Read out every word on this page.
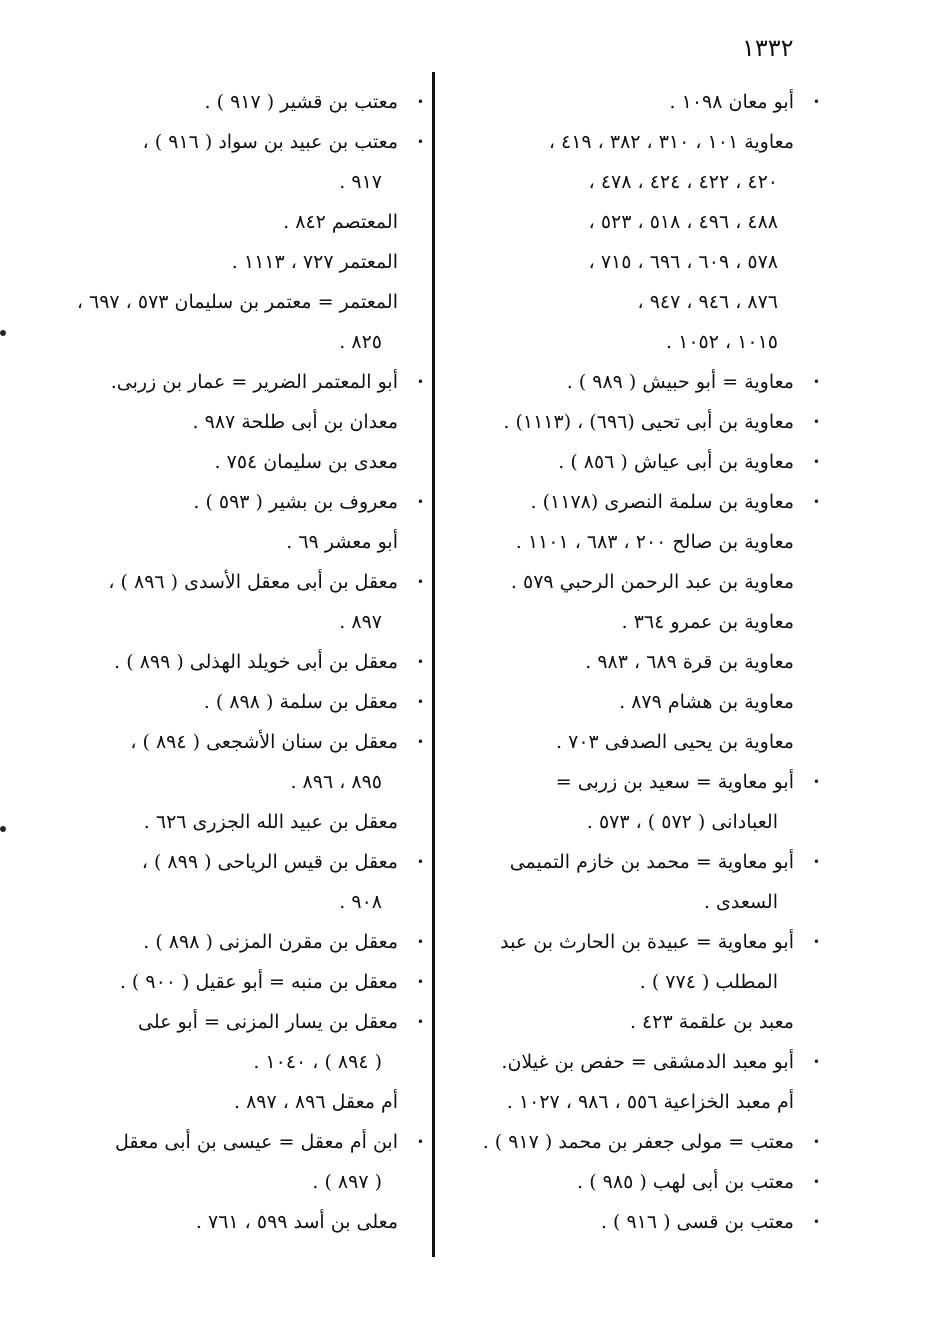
١٣٣٢
•
أبو معان ١٠٩٨ .
معاوية ١٠١ ، ٣١٠ ، ٣٨٢ ، ٤١٩ ،
٤٢٠ ، ٤٢٢ ، ٤٢٤ ، ٤٧٨ ،
٤٨٨ ، ٤٩٦ ، ٥١٨ ، ٥٢٣ ،
٥٧٨ ، ٦٠٩ ، ٦٩٦ ، ٧١٥ ،
٨٧٦ ، ٩٤٦ ، ٩٤٧ ،
١٠١٥ ، ١٠٥٢ .
•
معاوية = أبو حبيش ( ٩٨٩ ) .
•
معاوية بن أبى تحيى (٦٩٦) ، (١١١٣) .
•
معاوية بن أبى عياش ( ٨٥٦ ) .
•
معاوية بن سلمة النصرى (١١٧٨) .
معاوية بن صالح ٢٠٠ ، ٦٨٣ ، ١١٠١ .
معاوية بن عبد الرحمن الرحبي ٥٧٩ .
معاوية بن عمرو ٣٦٤ .
معاوية بن قرة ٦٨٩ ، ٩٨٣ .
معاوية بن هشام ٨٧٩ .
معاوية بن يحيى الصدفى ٧٠٣ .
•
أبو معاوية = سعيد بن زربى =
العبادانى ( ٥٧٢ ) ، ٥٧٣ .
•
أبو معاوية = محمد بن خازم التميمى
السعدى .
•
أبو معاوية = عبيدة بن الحارث بن عبد
المطلب ( ٧٧٤ ) .
معبد بن علقمة ٤٢٣ .
•
أبو معبد الدمشقى = حفص بن غيلان.
أم معبد الخزاعية ٥٥٦ ، ٩٨٦ ، ١٠٢٧ .
•
معتب = مولى جعفر بن محمد ( ٩١٧ ) .
•
معتب بن أبى لهب ( ٩٨٥ ) .
•
معتب بن قسى ( ٩١٦ ) .
•
معتب بن قشير ( ٩١٧ ) .
•
معتب بن عبيد بن سواد ( ٩١٦ ) ،
٩١٧ .
المعتصم ٨٤٢ .
المعتمر ٧٢٧ ، ١١١٣ .
المعتمر = معتمر بن سليمان ٥٧٣ ، ٦٩٧ ،
٨٢٥ .
•
أبو المعتمر الضرير = عمار بن زربى.
معدان بن أبى طلحة ٩٨٧ .
معدى بن سليمان ٧٥٤ .
•
معروف بن بشير ( ٥٩٣ ) .
أبو معشر ٦٩ .
•
معقل بن أبى معقل الأسدى ( ٨٩٦ ) ،
٨٩٧ .
•
معقل بن أبى خويلد الهذلى ( ٨٩٩ ) .
•
معقل بن سلمة ( ٨٩٨ ) .
•
معقل بن سنان الأشجعى ( ٨٩٤ ) ،
٨٩٥ ، ٨٩٦ .
معقل بن عبيد الله الجزرى ٦٢٦ .
•
معقل بن قيس الرياحى ( ٨٩٩ ) ،
٩٠٨ .
•
معقل بن مقرن المزنى ( ٨٩٨ ) .
•
معقل بن منبه = أبو عقيل ( ٩٠٠ ) .
•
معقل بن يسار المزنى = أبو على
( ٨٩٤ ) ، ١٠٤٠ .
أم معقل ٨٩٦ ، ٨٩٧ .
•
ابن أم معقل = عيسى بن أبى معقل
( ٨٩٧ ) .
معلى بن أسد ٥٩٩ ، ٧٦١ .
